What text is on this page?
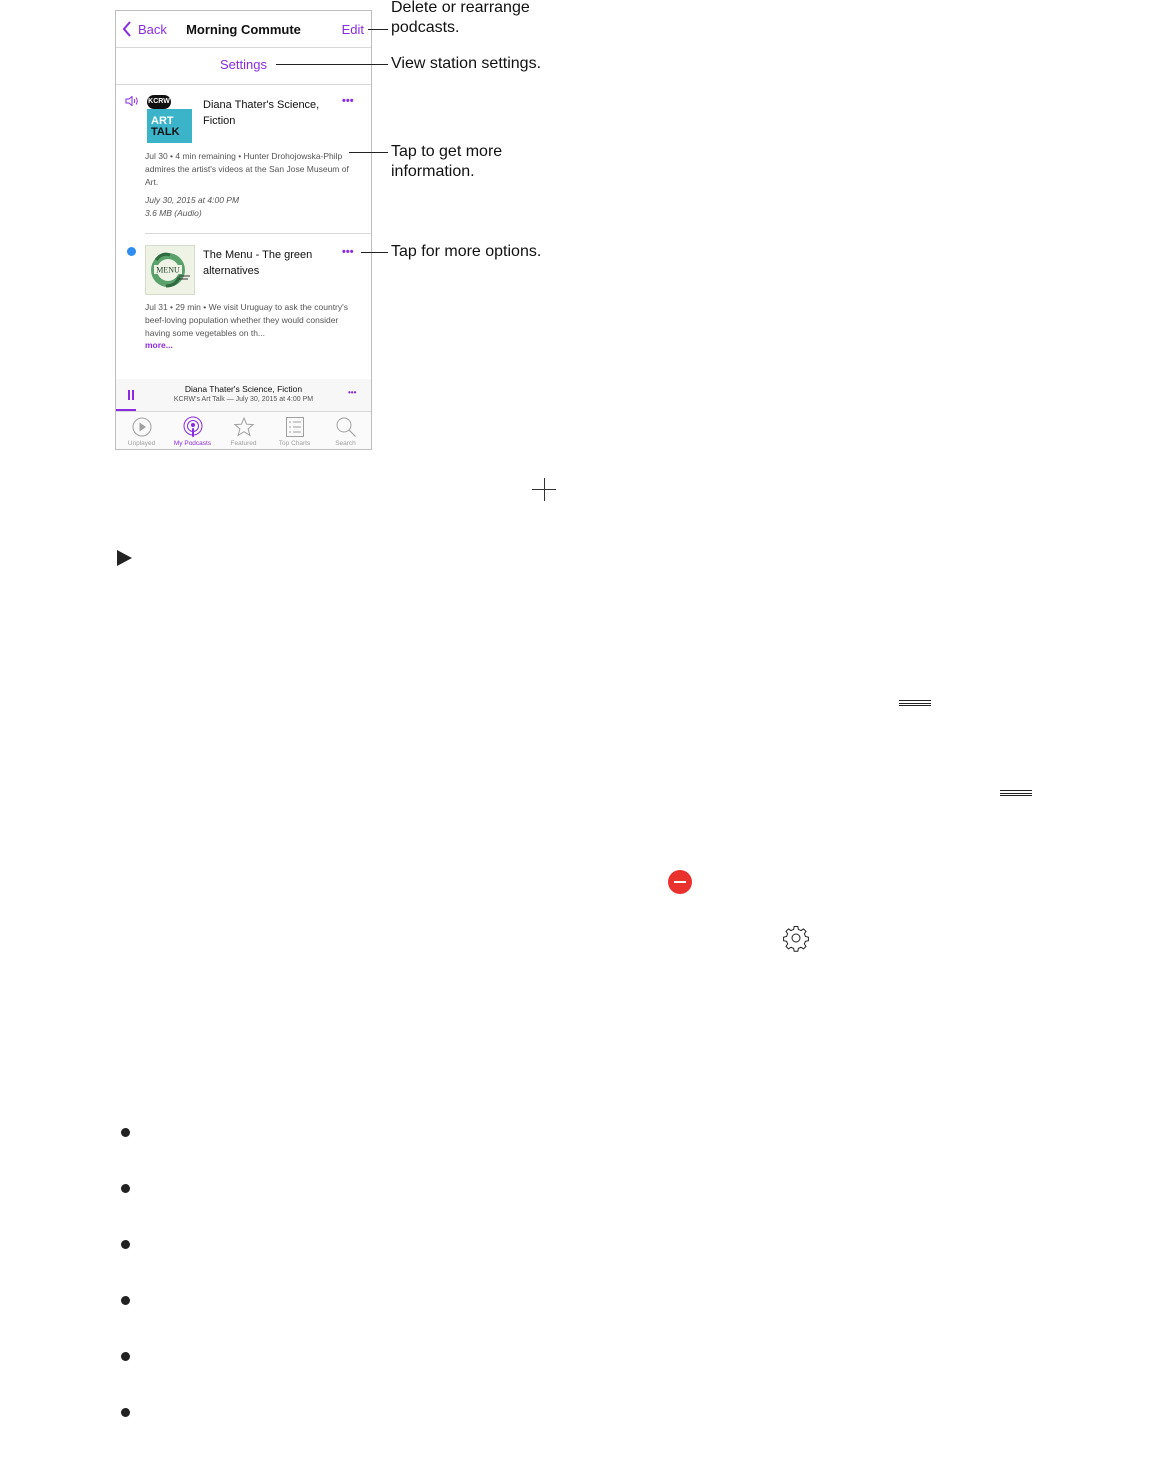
Back	Morning Commute	Edit
Settings
KCRW
ART
TALK
Diana Thater's Science, Fiction
•••
Jul 30 • 4 min remaining • Hunter Drohojowska-Philp admires the artist's videos at the San Jose Museum of Art.
July 30, 2015 at 4:00 PM
3.6 MB (Audio)
MENU
The Menu - The green alternatives
•••
Jul 31 • 29 min • We visit Uruguay to ask the country's beef-loving population whether they would consider having some vegetables on th...
more...
Diana Thater's Science, Fiction
KCRW's Art Talk — July 30, 2015 at 4:00 PM
•••
Unplayed	My Podcasts	Featured	Top Charts	Search
Delete or rearrange podcasts.
View station settings.
Tap to get more information.
Tap for more options.
